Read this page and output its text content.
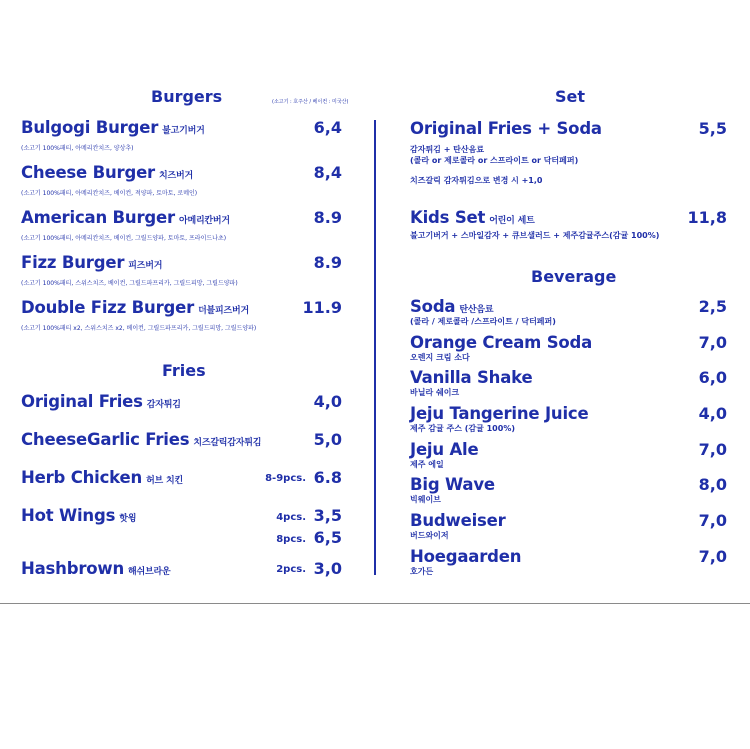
Burgers	(소고기 : 호주산 / 베이컨 : 미국산)
Bulgogi Burger 불고기버거	6,4
(소고기 100%패티, 아메리칸치즈, 양상추)
Cheese Burger 치즈버거	8,4
(소고기 100%패티, 아메리칸치즈, 베이컨, 적양파, 토마토, 로메인)
American Burger 아메리칸버거	8.9
(소고기 100%패티, 아메리칸치즈, 베이컨, 그릴드양파, 토마토, 프라이드나초)
Fizz Burger 피즈버거	8.9
(소고기 100%패티, 스위스치즈, 베이컨, 그릴드파프리카, 그릴드피망, 그릴드양파)
Double Fizz Burger 더블피즈버거	11.9
(소고기 100%패티 x2, 스위스치즈 x2, 베이컨, 그릴드파프리카, 그릴드피망, 그릴드양파)
Fries
Original Fries 감자튀김	4,0
CheeseGarlic Fries 치즈갈릭감자튀김	5,0
Herb Chicken 허브 치킨	8-9pcs. 6.8
Hot Wings 핫윙	4pcs. 3,5
8pcs. 6,5
Hashbrown 해쉬브라운	2pcs. 3,0
Set
Original Fries + Soda	5,5
감자튀김 + 탄산음료
(콜라 or 제로콜라 or 스프라이트 or 닥터페퍼)
치즈갈릭 감자튀김으로 변경 시 +1,0
Kids Set 어린이 세트	11,8
불고기버거 + 스마일감자 + 큐브샐러드 + 제주감귤주스(감귤 100%)
Beverage
Soda 탄산음료	2,5
(콜라 / 제로콜라 /스프라이트 / 닥터페퍼)
Orange Cream Soda	7,0
오렌지 크림 소다
Vanilla Shake	6,0
바닐라 쉐이크
Jeju Tangerine Juice	4,0
제주 감귤 주스 (감귤 100%)
Jeju Ale	7,0
제주 에일
Big Wave	8,0
빅웨이브
Budweiser	7,0
버드와이저
Hoegaarden	7,0
호가든
